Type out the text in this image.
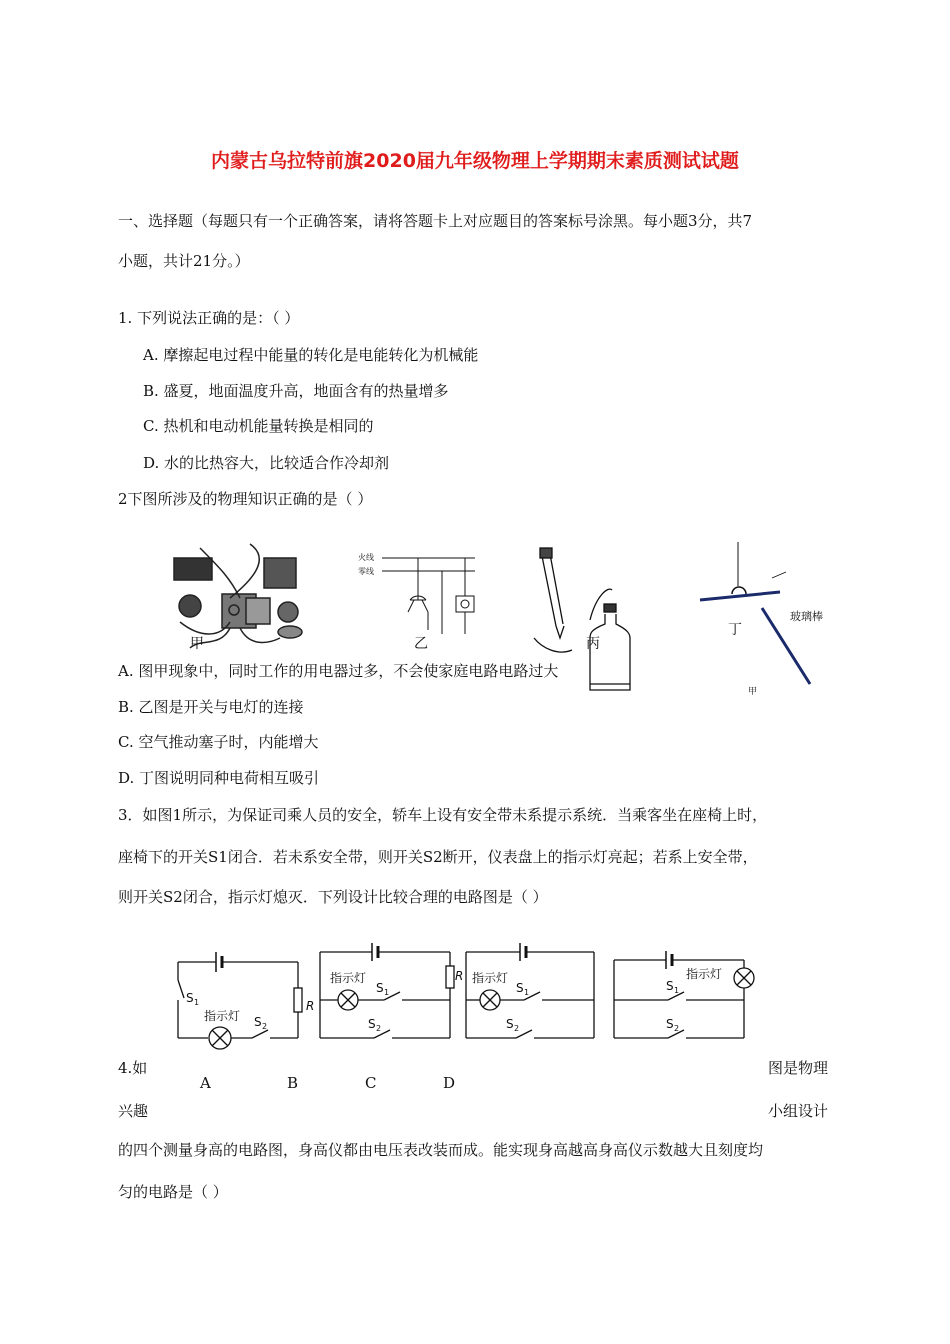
内蒙古乌拉特前旗2020届九年级物理上学期期末素质测试试题
一、选择题（每题只有一个正确答案，请将答题卡上对应题目的答案标号涂黑。每小题3分，共7
小题，共计21分。）
1. 下列说法正确的是：（ ）
A. 摩擦起电过程中能量的转化是电能转化为机械能
B. 盛夏，地面温度升高，地面含有的热量增多
C. 热机和电动机能量转换是相同的
D. 水的比热容大，比较适合作冷却剂
2下图所涉及的物理知识正确的是（ ）
甲
火线
零线
乙	丙
玻璃棒
丁
甲
A. 图甲现象中，同时工作的用电器过多，不会使家庭电路电路过大
B. 乙图是开关与电灯的连接
C. 空气推动塞子时，内能增大
D. 丁图说明同种电荷相互吸引
3．如图1所示，为保证司乘人员的安全，轿车上设有安全带未系提示系统．当乘客坐在座椅上时，
座椅下的开关S1闭合．若未系安全带，则开关S2断开，仪表盘上的指示灯亮起；若系上安全带，
则开关S2闭合，指示灯熄灭．下列设计比较合理的电路图是（ ）
S 1
指示灯 S 2
R
指示灯
S 1
S 2
R 指示灯
S 1
S 2
指示灯
S 1
S 2
4.如	图是物理
A	B	C	D
兴趣	小组设计
的四个测量身高的电路图，身高仪都由电压表改装而成。能实现身高越高身高仪示数越大且刻度均
匀的电路是（ ）
